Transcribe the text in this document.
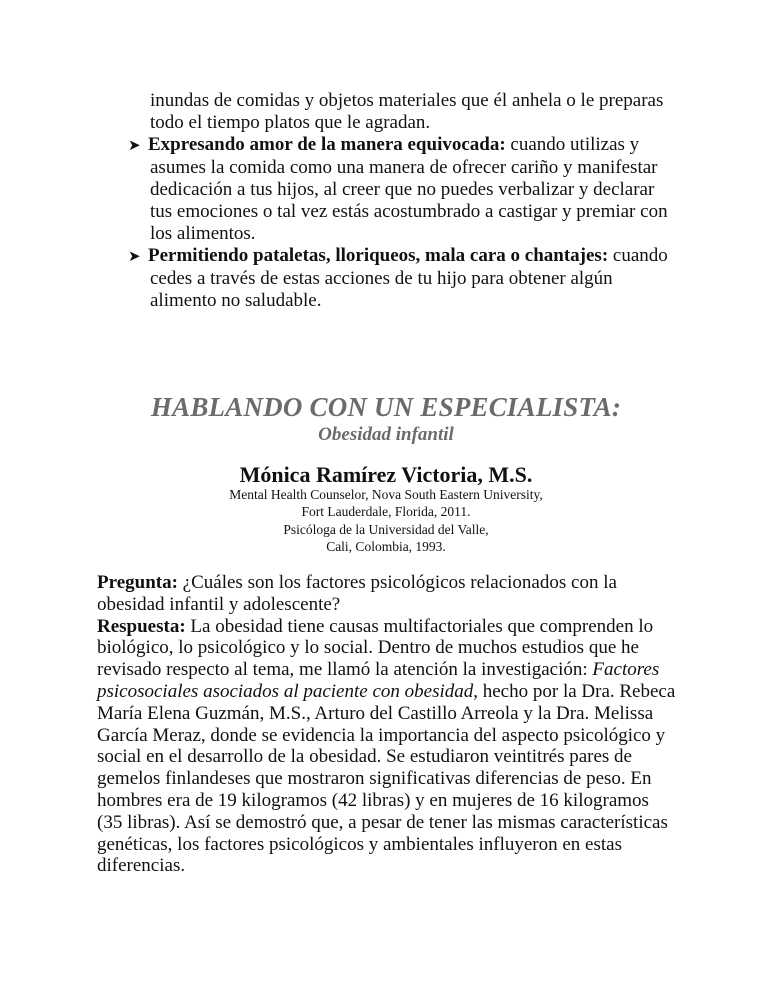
inundas de comidas y objetos materiales que él anhela o le preparas
todo el tiempo platos que le agradan.
➤ Expresando amor de la manera equivocada: cuando utilizas y
asumes la comida como una manera de ofrecer cariño y manifestar
dedicación a tus hijos, al creer que no puedes verbalizar y declarar
tus emociones o tal vez estás acostumbrado a castigar y premiar con
los alimentos.
➤ Permitiendo pataletas, lloriqueos, mala cara o chantajes: cuando
cedes a través de estas acciones de tu hijo para obtener algún
alimento no saludable.
HABLANDO CON UN ESPECIALISTA:
Obesidad infantil
Mónica Ramírez Victoria, M.S.
Mental Health Counselor, Nova South Eastern University,
Fort Lauderdale, Florida, 2011.
Psicóloga de la Universidad del Valle,
Cali, Colombia, 1993.
Pregunta: ¿Cuáles son los factores psicológicos relacionados con la
obesidad infantil y adolescente?
Respuesta: La obesidad tiene causas multifactoriales que comprenden lo
biológico, lo psicológico y lo social. Dentro de muchos estudios que he
revisado respecto al tema, me llamó la atención la investigación: Factores
psicosociales asociados al paciente con obesidad, hecho por la Dra. Rebeca
María Elena Guzmán, M.S., Arturo del Castillo Arreola y la Dra. Melissa
García Meraz, donde se evidencia la importancia del aspecto psicológico y
social en el desarrollo de la obesidad. Se estudiaron veintitrés pares de
gemelos finlandeses que mostraron significativas diferencias de peso. En
hombres era de 19 kilogramos (42 libras) y en mujeres de 16 kilogramos
(35 libras). Así se demostró que, a pesar de tener las mismas características
genéticas, los factores psicológicos y ambientales influyeron en estas
diferencias.
